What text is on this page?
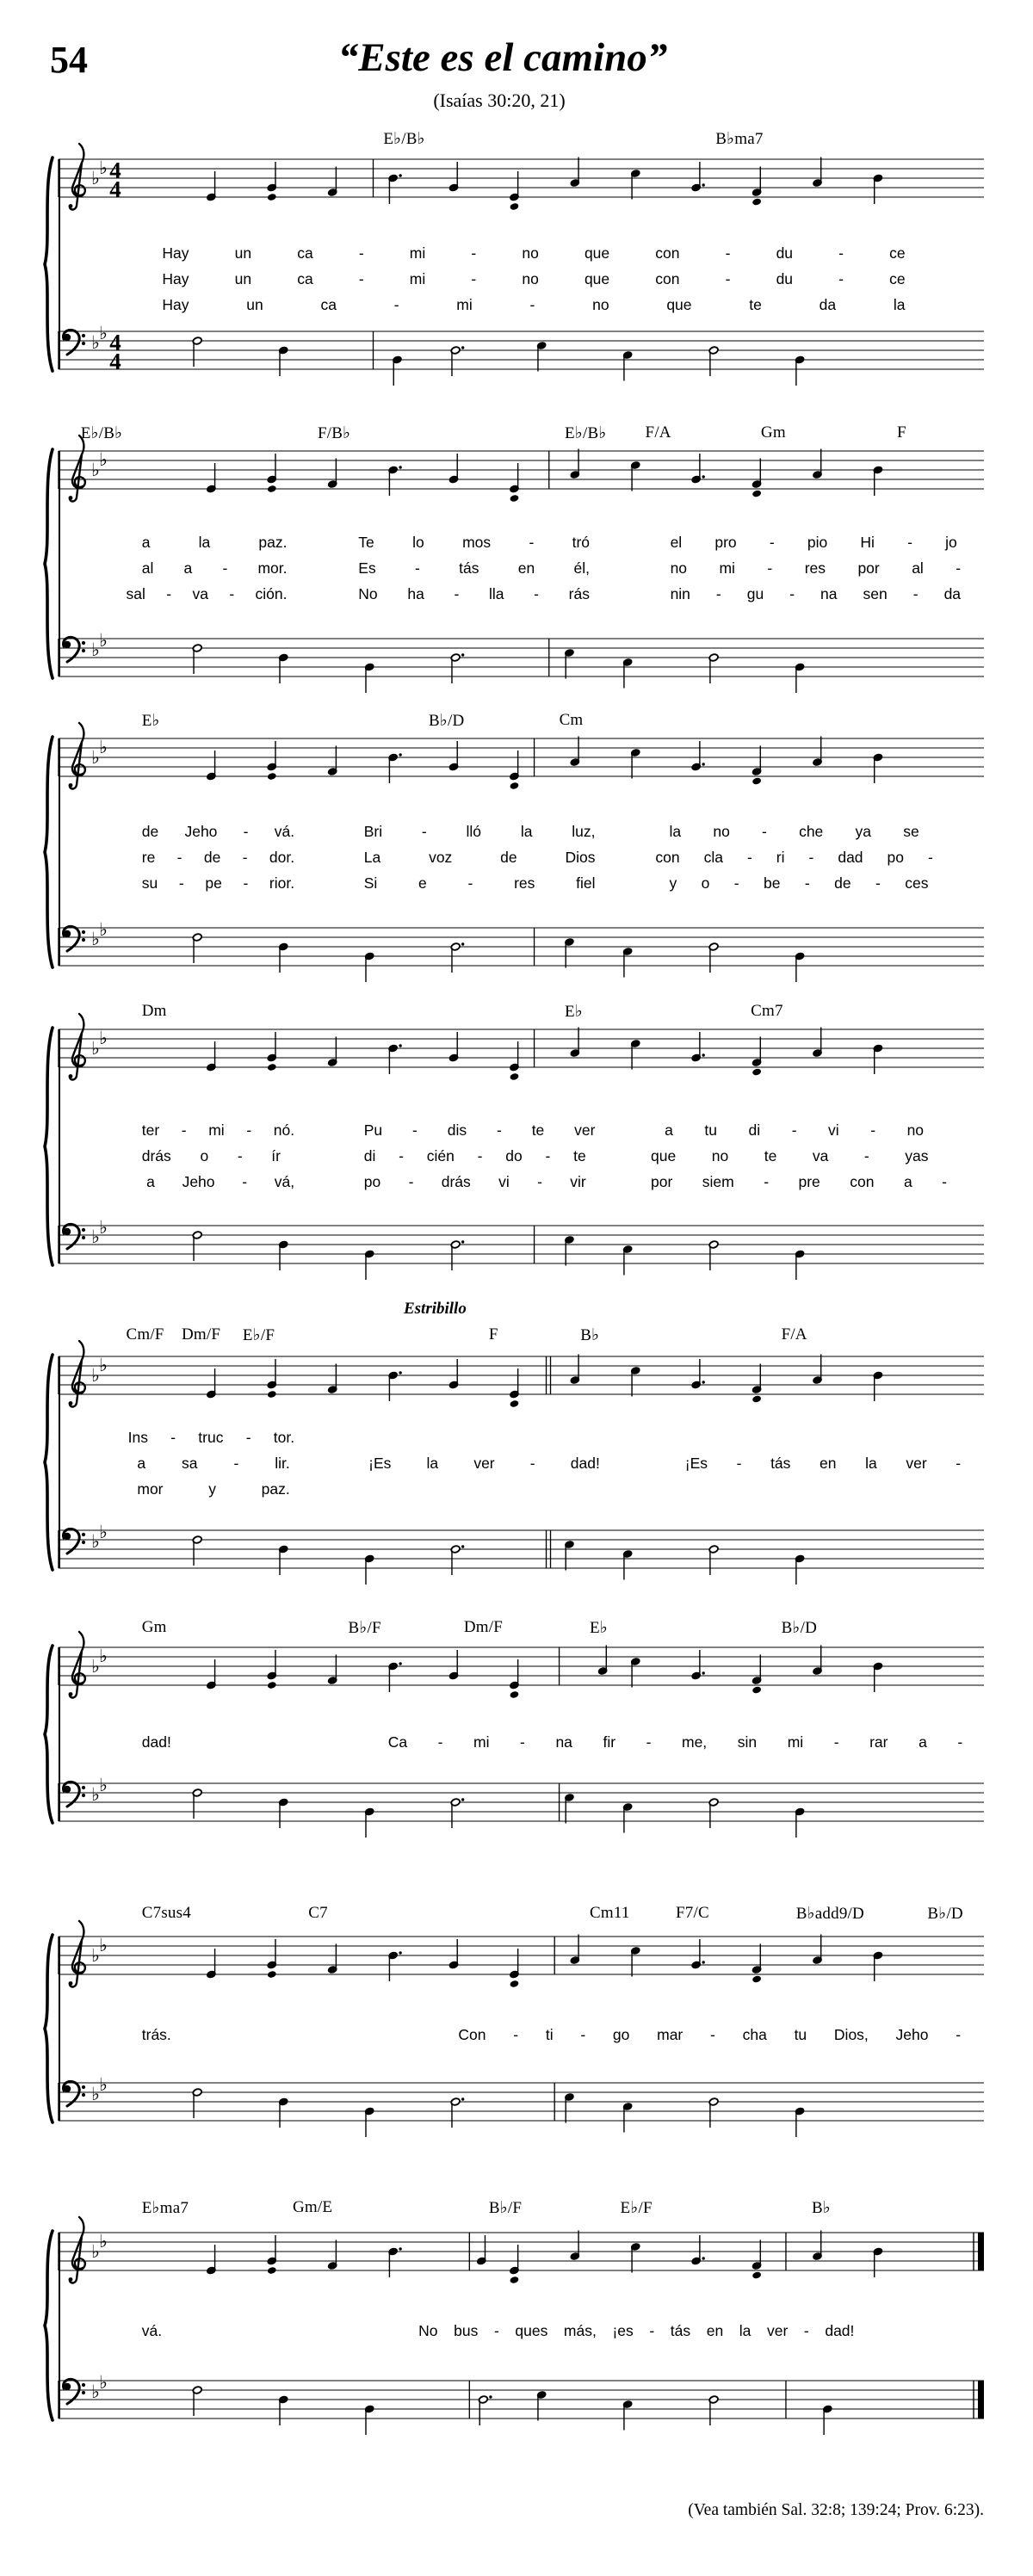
54	“Este es el camino”
(Isaías 30:20, 21)
E♭/B♭	B♭ma7
♭ ♭ 4
4
♭ ♭ 4
4
Hay	un	ca	-	mi	-	no	que	con	-	du	-	ce
Hay	un	ca	-	mi	-	no	que	con	-	du	-	ce
Hay	un	ca	-	mi	-	no	que	te	da	la
E♭/B♭	F/B♭	E♭/B♭ F/A	Gm	F
♭ ♭
♭ ♭
a	la	paz.	Te	lo	mos	-	tró	el pro - pio Hi - jo
al a - mor.	Es	-	tás	en	él,	no mi - res por al -
sal - va - ción.	No ha - lla - rás	nin - gu - na sen - da
E♭	B♭/D	Cm
♭ ♭
♭ ♭
de Jeho - vá.	Bri	-	lló	la	luz,	la no - che ya se
re - de - dor.	La	voz	de	Dios	con cla - ri - dad po -
su - pe - rior.	Si	e	-	res	fiel	y o - be - de - ces
Dm	E♭	Cm7
♭ ♭
♭ ♭
ter - mi - nó.	Pu - dis - te ver	a tu di - vi - no
drás o - ír	di - cién - do - te	que no te va - yas
a Jeho - vá,	po - drás vi - vir	por siem - pre con a -
Estribillo
Cm/F Dm/F E♭/F	F	B♭	F/A
♭ ♭
♭ ♭
Ins - truc - tor.
a sa - lir.	¡Es la ver - dad!	¡Es - tás en la ver -
mor	y	paz.
Gm	B♭/F	Dm/F	E♭	B♭/D
♭ ♭
♭ ♭
dad!	Ca - mi - na fir - me, sin mi - rar a -
C7sus4	C7	Cm11	F7/C	B♭add9/D	B♭/D
♭ ♭
♭ ♭
trás.	Con - ti - go mar - cha tu Dios, Jeho -
E♭ma7	Gm/E	B♭/F	E♭/F	B♭
♭ ♭
♭ ♭
vá.	No bus - ques más, ¡es - tás en la ver - dad!
(Vea también Sal. 32:8; 139:24; Prov. 6:23).
